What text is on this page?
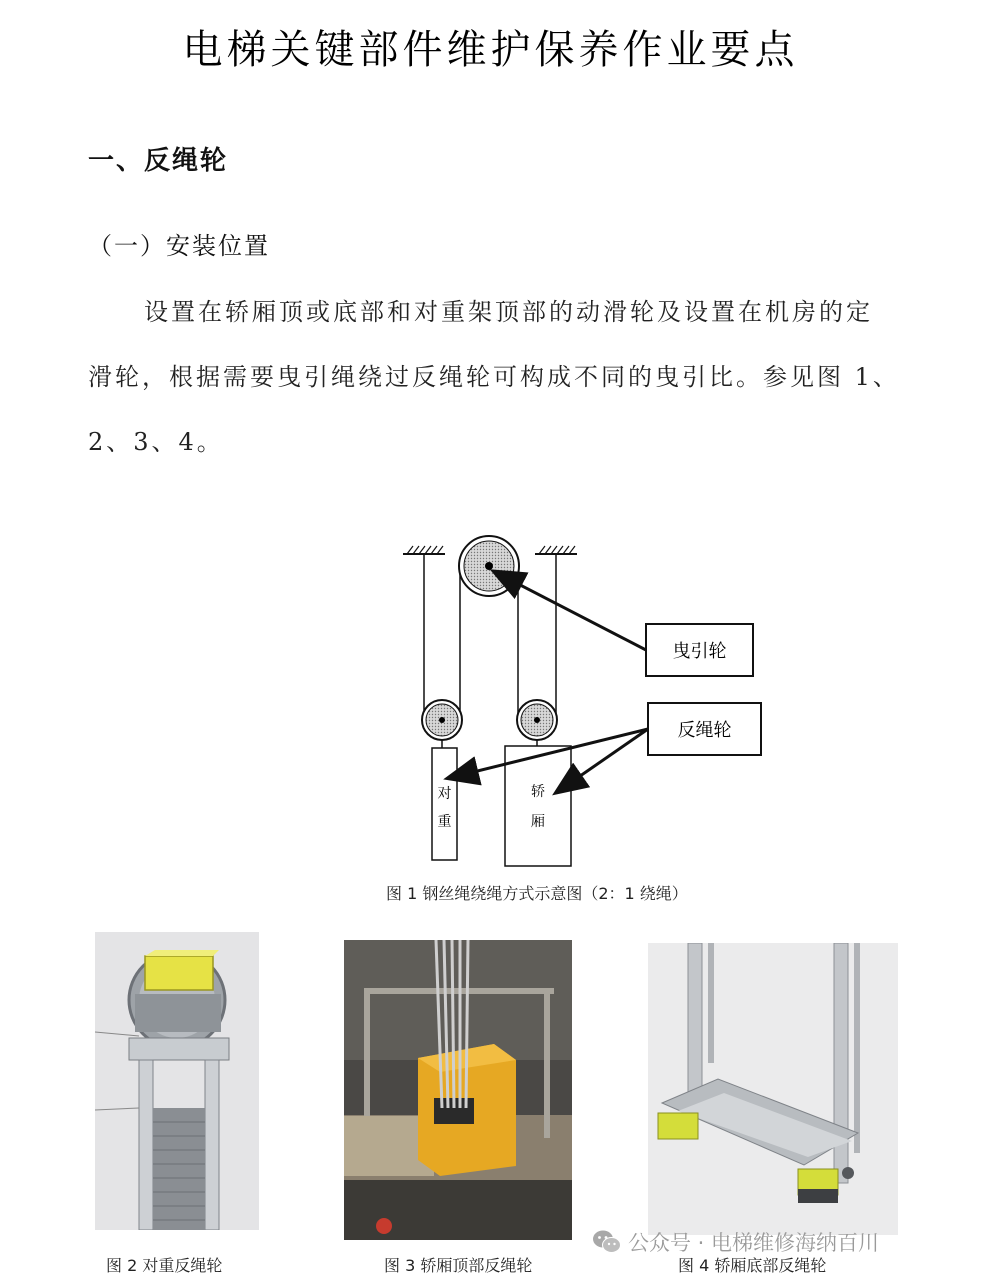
电梯关键部件维护保养作业要点
一、反绳轮
（一）安装位置
设置在轿厢顶或底部和对重架顶部的动滑轮及设置在机房的定
滑轮，根据需要曳引绳绕过反绳轮可构成不同的曳引比。参见图 1、
2、3、4。
对
重
轿
厢
曳引轮
反绳轮
图 1 钢丝绳绕绳方式示意图（2：1 绕绳）
图 2 对重反绳轮	图 3 轿厢顶部反绳轮	图 4 轿厢底部反绳轮
公众号 · 电梯维修海纳百川
